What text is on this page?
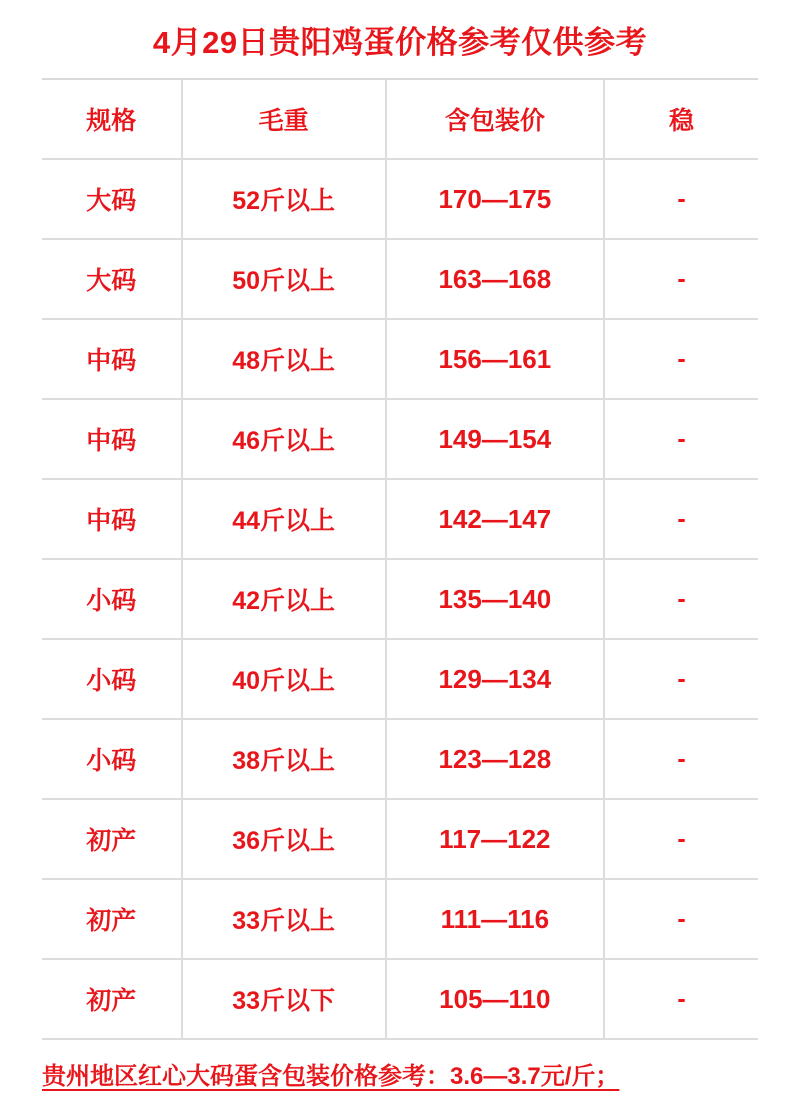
4月29日贵阳鸡蛋价格参考仅供参考
规格	毛重	含包装价	稳
大码	52斤以上	170—175	-
大码	50斤以上	163—168	-
中码	48斤以上	156—161	-
中码	46斤以上	149—154	-
中码	44斤以上	142—147	-
小码	42斤以上	135—140	-
小码	40斤以上	129—134	-
小码	38斤以上	123—128	-
初产	36斤以上	117—122	-
初产	33斤以上	111—116	-
初产	33斤以下	105—110	-
贵州地区红心大码蛋含包装价格参考：3.6—3.7元/斤；
